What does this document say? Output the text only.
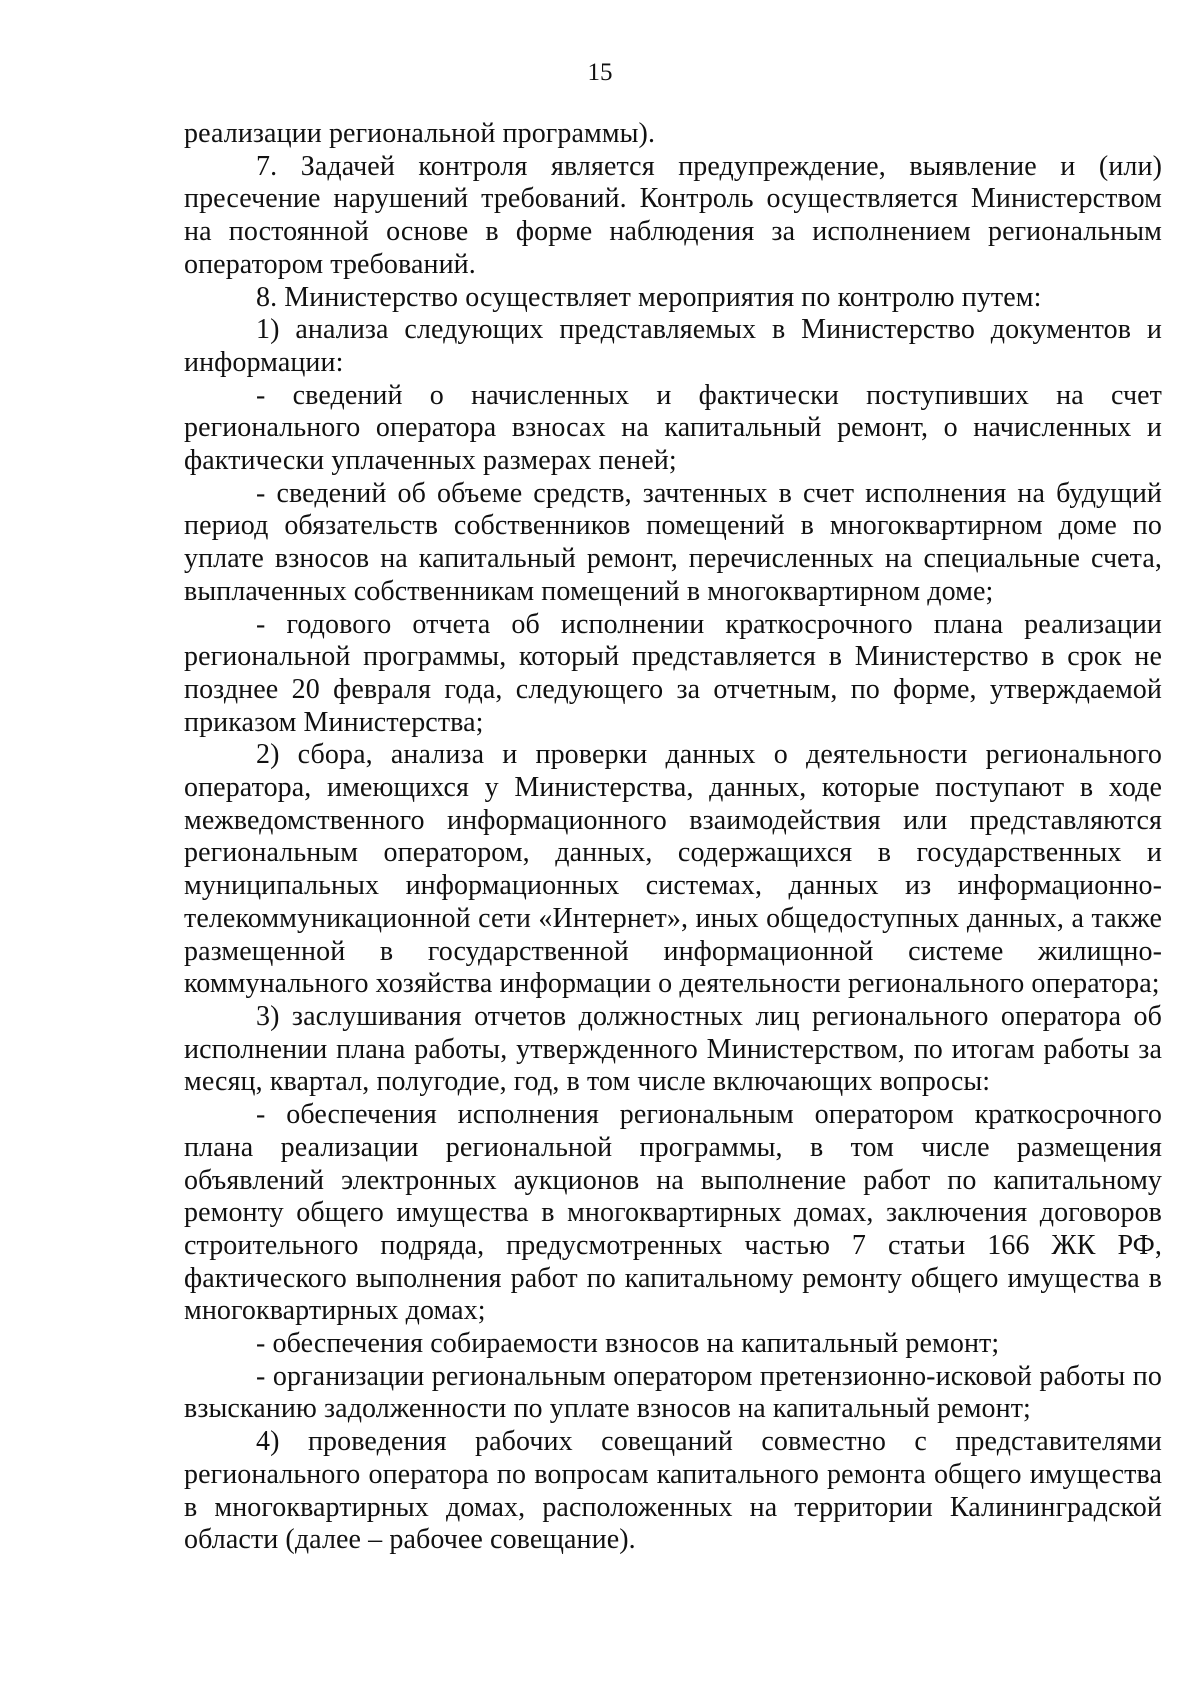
15

реализации региональной программы).

7. Задачей контроля является предупреждение, выявление и (или) пресечение нарушений требований. Контроль осуществляется Министерством на постоянной основе в форме наблюдения за исполнением региональным оператором требований.

8. Министерство осуществляет мероприятия по контролю путем:

1) анализа следующих представляемых в Министерство документов и информации:

- сведений о начисленных и фактически поступивших на счет регионального оператора взносах на капитальный ремонт, о начисленных и фактически уплаченных размерах пеней;

- сведений об объеме средств, зачтенных в счет исполнения на будущий период обязательств собственников помещений в многоквартирном доме по уплате взносов на капитальный ремонт, перечисленных на специальные счета, выплаченных собственникам помещений в многоквартирном доме;

- годового отчета об исполнении краткосрочного плана реализации региональной программы, который представляется в Министерство в срок не позднее 20 февраля года, следующего за отчетным, по форме, утверждаемой приказом Министерства;

2) сбора, анализа и проверки данных о деятельности регионального оператора, имеющихся у Министерства, данных, которые поступают в ходе межведомственного информационного взаимодействия или представляются региональным оператором, данных, содержащихся в государственных и муниципальных информационных системах, данных из информационно-телекоммуникационной сети «Интернет», иных общедоступных данных, а также размещенной в государственной информационной системе жилищно-коммунального хозяйства информации о деятельности регионального оператора;

3) заслушивания отчетов должностных лиц регионального оператора об исполнении плана работы, утвержденного Министерством, по итогам работы за месяц, квартал, полугодие, год, в том числе включающих вопросы:

- обеспечения исполнения региональным оператором краткосрочного плана реализации региональной программы, в том числе размещения объявлений электронных аукционов на выполнение работ по капитальному ремонту общего имущества в многоквартирных домах, заключения договоров строительного подряда, предусмотренных частью 7 статьи 166 ЖК РФ, фактического выполнения работ по капитальному ремонту общего имущества в многоквартирных домах;

- обеспечения собираемости взносов на капитальный ремонт;

- организации региональным оператором претензионно-исковой работы по взысканию задолженности по уплате взносов на капитальный ремонт;

4) проведения рабочих совещаний совместно с представителями регионального оператора по вопросам капитального ремонта общего имущества в многоквартирных домах, расположенных на территории Калининградской области (далее – рабочее совещание).
